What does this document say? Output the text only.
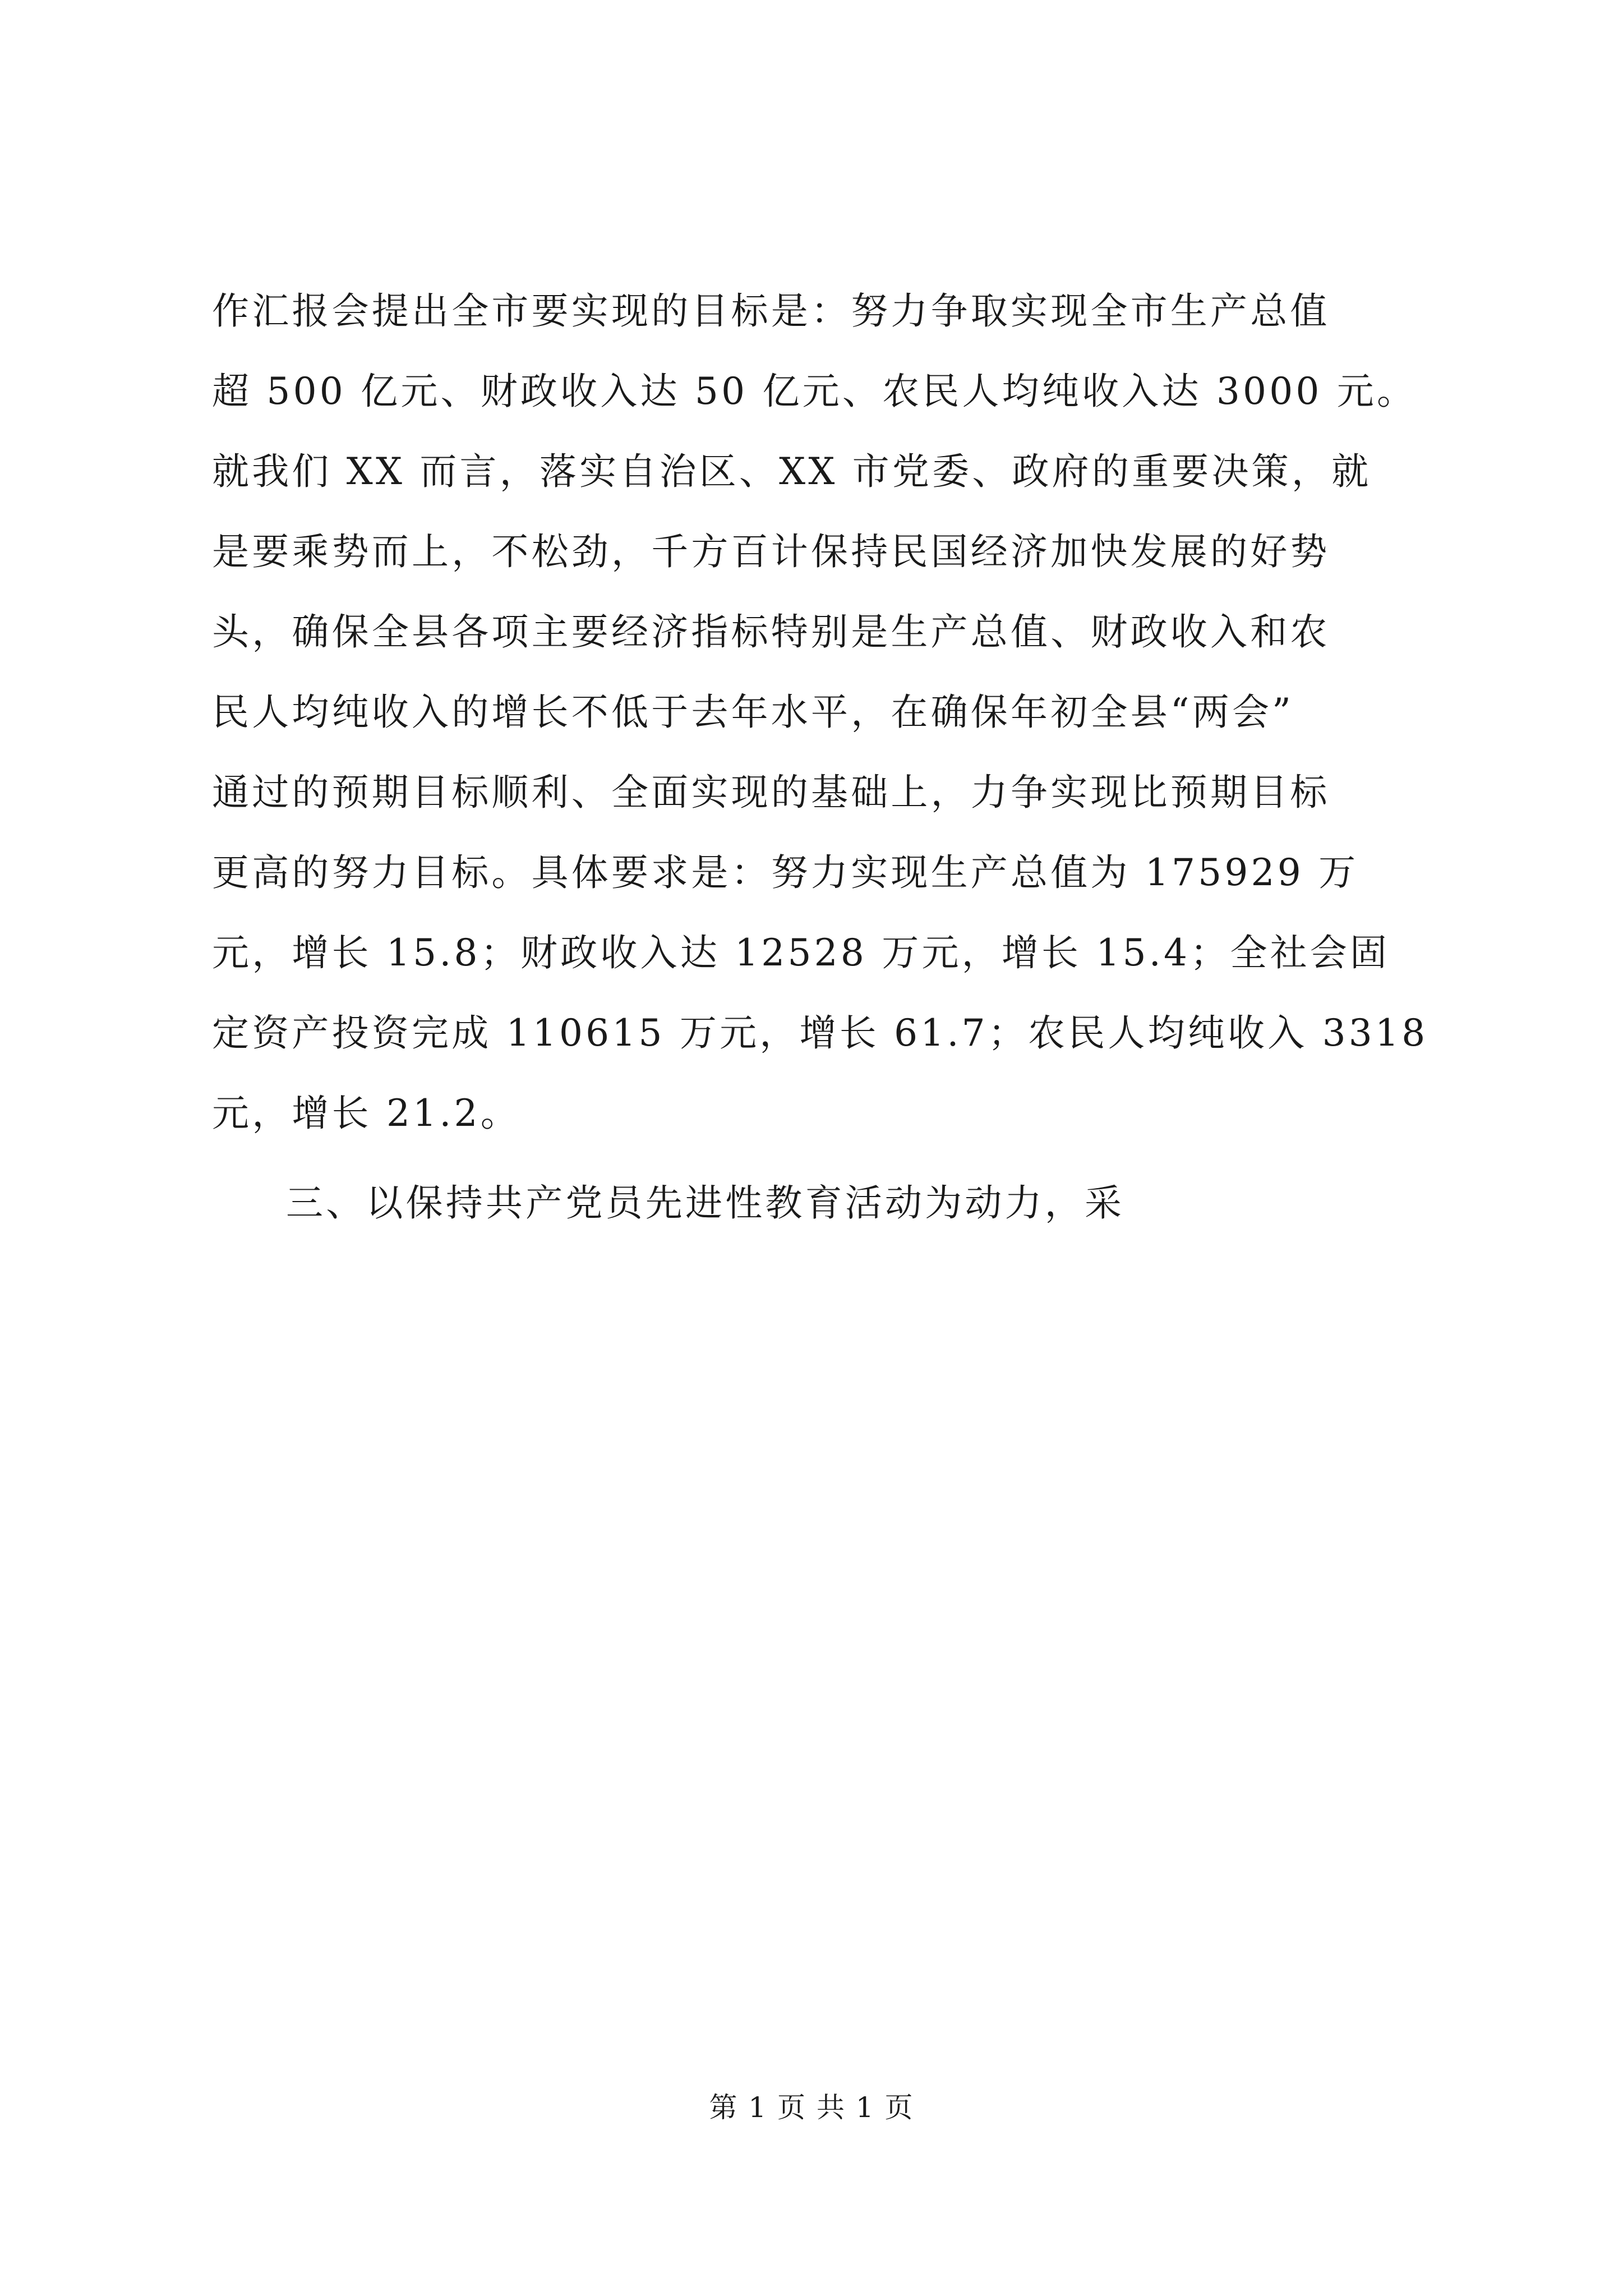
作汇报会提出全市要实现的目标是：努力争取实现全市生产总值
超 500 亿元、财政收入达 50 亿元、农民人均纯收入达 3000 元。
就我们 XX 而言，落实自治区、XX 市党委、政府的重要决策，就
是要乘势而上，不松劲，千方百计保持民国经济加快发展的好势
头，确保全县各项主要经济指标特别是生产总值、财政收入和农
民人均纯收入的增长不低于去年水平，在确保年初全县“两会”
通过的预期目标顺利、全面实现的基础上，力争实现比预期目标
更高的努力目标。具体要求是：努力实现生产总值为 175929 万
元，增长 15.8；财政收入达 12528 万元，增长 15.4；全社会固
定资产投资完成 110615 万元，增长 61.7；农民人均纯收入 3318
元，增长 21.2。
三、以保持共产党员先进性教育活动为动力，采
第 1 页 共 1 页
